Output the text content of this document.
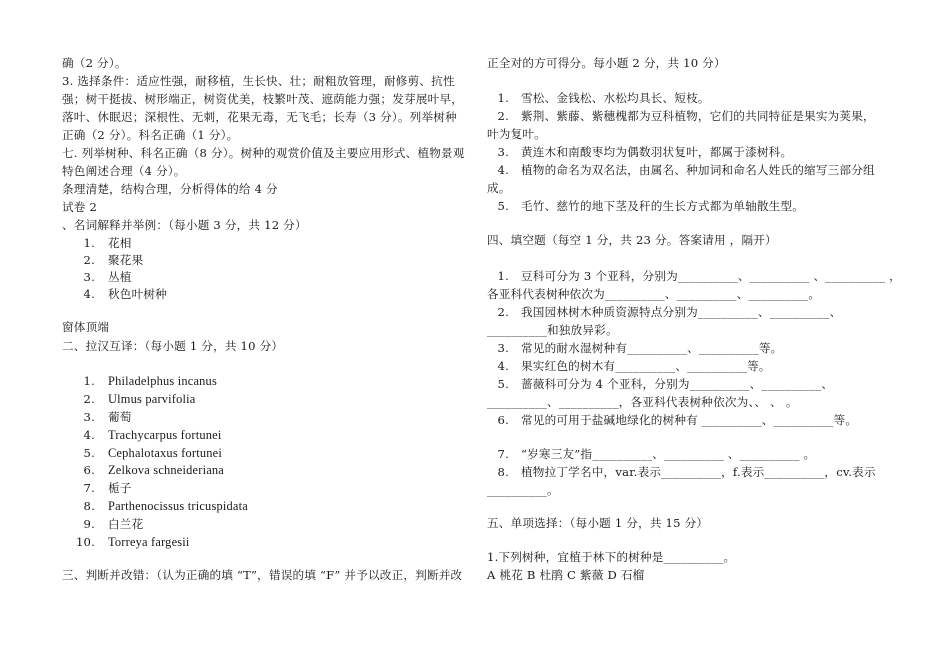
确（2 分）。
3. 选择条件：适应性强，耐移植，生长快、壮；耐粗放管理，耐修剪、抗性
强；树干挺拔、树形端正，树资优美，枝繁叶茂、遮荫能力强；发芽展叶早，
落叶、休眠迟；深根性、无刺，花果无毒，无飞毛；长寿（3 分）。列举树种
正确（2 分）。科名正确（1 分）。
七. 列举树种、科名正确（8 分）。树种的观赏价值及主要应用形式、植物景观
特色阐述合理（4 分）。
条理清楚，结构合理，分析得体的给 4 分
试卷 2
、名词解释并举例：（每小题 3 分，共 12 分）
1. 花相
2. 聚花果
3. 丛植
4. 秋色叶树种
窗体顶端
二、拉汉互译：（每小题 1 分，共 10 分）
1. Philadelphus incanus
2. Ulmus parvifolia
3. 葡萄
4. Trachycarpus fortunei
5. Cephalotaxus fortunei
6. Zelkova schneideriana
7. 栀子
8. Parthenocissus tricuspidata
9. 白兰花
10. Torreya fargesii
三、判断并改错：（认为正确的填 “T”，错误的填 “F” 并予以改正，判断并改
正全对的方可得分。每小题 2 分，共 10 分）
1. 雪松、金钱松、水松均具长、短枝。
2. 紫荆、紫藤、紫穗槐都为豆科植物，它们的共同特征是果实为荚果，
叶为复叶。
3. 黄连木和南酸枣均为偶数羽状复叶，都属于漆树科。
4. 植物的命名为双名法，由属名、种加词和命名人姓氏的缩写三部分组
成。
5. 毛竹、慈竹的地下茎及秆的生长方式都为单轴散生型。
四、填空题（每空 1 分，共 23 分。答案请用 ，隔开）
1. 豆科可分为 3 个亚科，分别为__________、__________ 、__________ ，
各亚科代表树种依次为__________、__________、__________。
2. 我国园林树木种质资源特点分别为__________、__________、
__________和独放异彩。
3. 常见的耐水湿树种有__________、__________等。
4. 果实红色的树木有__________、__________等。
5. 蔷薇科可分为 4 个亚科，分别为__________、__________、
__________、__________，各亚科代表树种依次为、、 、 。
6. 常见的可用于盐碱地绿化的树种有 __________、__________等。
7. “岁寒三友”指__________、__________ 、__________ 。
8. 植物拉丁学名中，var.表示__________，f.表示__________，cv.表示
__________。
五、单项选择：（每小题 1 分，共 15 分）
1.下列树种，宜植于林下的树种是__________。
A 桃花 B 杜鹃 C 紫薇 D 石榴
